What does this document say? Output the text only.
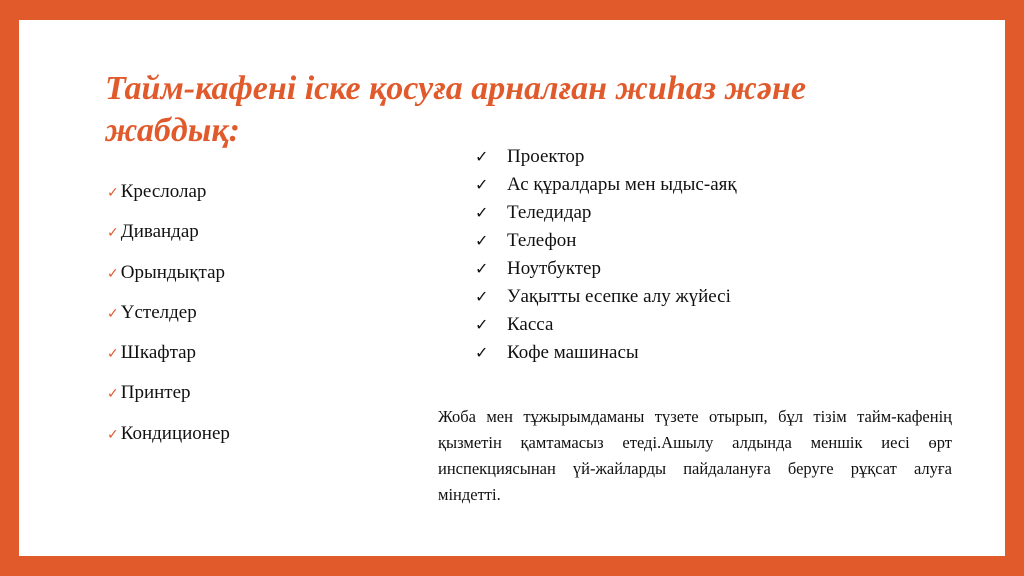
Тайм-кафені іске қосуға арналған жиһаз және жабдық:
✓ Креслолар
✓ Дивандар
✓ Орындықтар
✓ Үстелдер
✓ Шкафтар
✓ Принтер
✓ Кондиционер
✓ Проектор
✓ Ас құралдары мен ыдыс-аяқ
✓ Теледидар
✓ Телефон
✓ Ноутбуктер
✓ Уақытты есепке алу жүйесі
✓ Касса
✓ Кофе машинасы

Жоба мен тұжырымдаманы түзете отырып, бұл тізім тайм-кафенің қызметін қамтамасыз етеді.Ашылу алдында меншік иесі өрт инспекциясынан үй-жайларды пайдалануға беруге рұқсат алуға міндетті.
